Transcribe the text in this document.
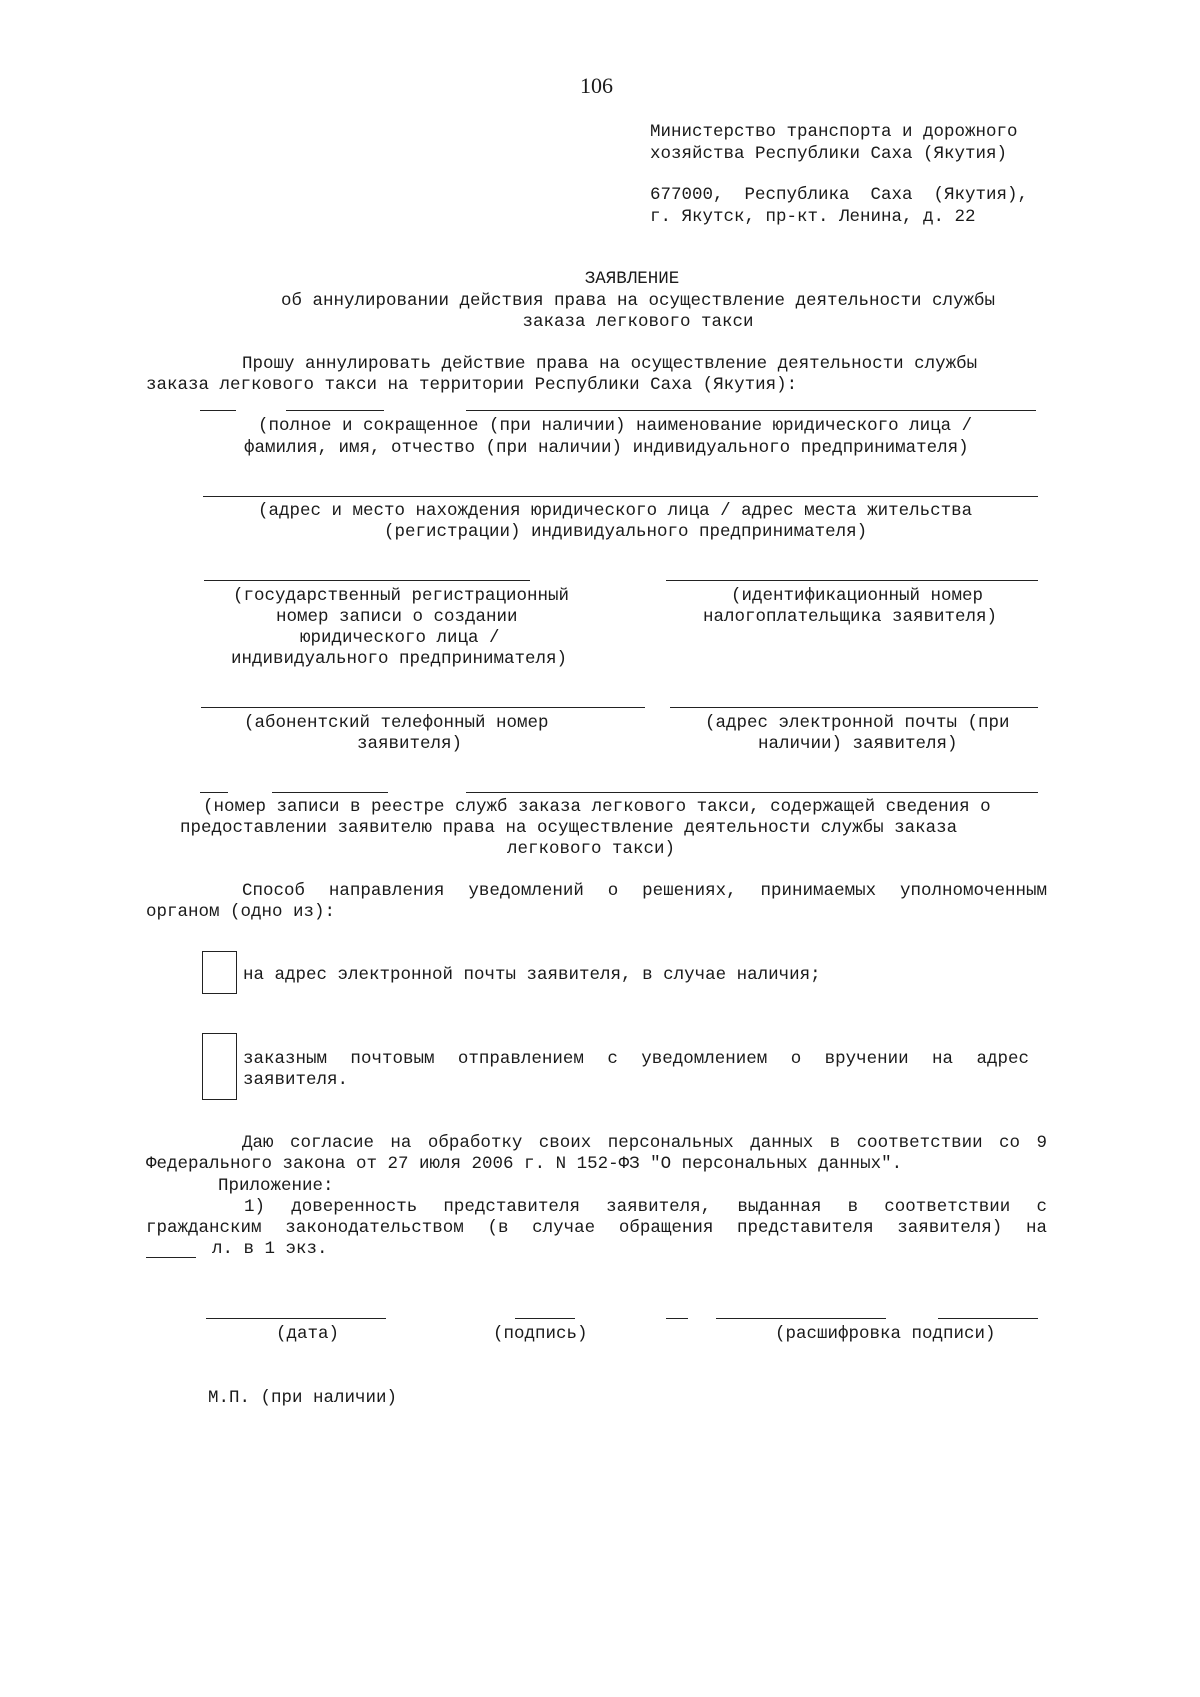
106
Министерство транспорта и дорожного
хозяйства Республики Саха (Якутия)
677000,  Республика  Саха  (Якутия),
г. Якутск, пр-кт. Ленина, д. 22
ЗАЯВЛЕНИЕ
об аннулировании действия права на осуществление деятельности службы
заказа легкового такси
Прошу аннулировать действие права на осуществление деятельности службы
заказа легкового такси на территории Республики Саха (Якутия):
(полное и сокращенное (при наличии) наименование юридического лица /
фамилия, имя, отчество (при наличии) индивидуального предпринимателя)
(адрес и место нахождения юридического лица / адрес места жительства
(регистрации) индивидуального предпринимателя)
(государственный регистрационный
номер записи о создании
юридического лица /
индивидуального предпринимателя)
(идентификационный номер
налогоплательщика заявителя)
(абонентский телефонный номер
заявителя)
(адрес электронной почты (при
наличии) заявителя)
(номер записи в реестре служб заказа легкового такси, содержащей сведения о
предоставлении заявителю права на осуществление деятельности службы заказа
легкового такси)
Способ направления уведомлений о решениях, принимаемых уполномоченным
органом (одно из):
на адрес электронной почты заявителя, в случае наличия;
заказным почтовым отправлением с уведомлением о вручении на адрес
заявителя.
Даю согласие на обработку своих персональных данных в соответствии со 9
Федерального закона от 27 июля 2006 г. N 152-ФЗ "О персональных данных".
Приложение:
1) доверенность представителя заявителя, выданная в соответствии с
гражданским законодательством (в случае обращения представителя заявителя) на
л. в 1 экз.
(дата)	(подпись)	(расшифровка подписи)
М.П. (при наличии)
